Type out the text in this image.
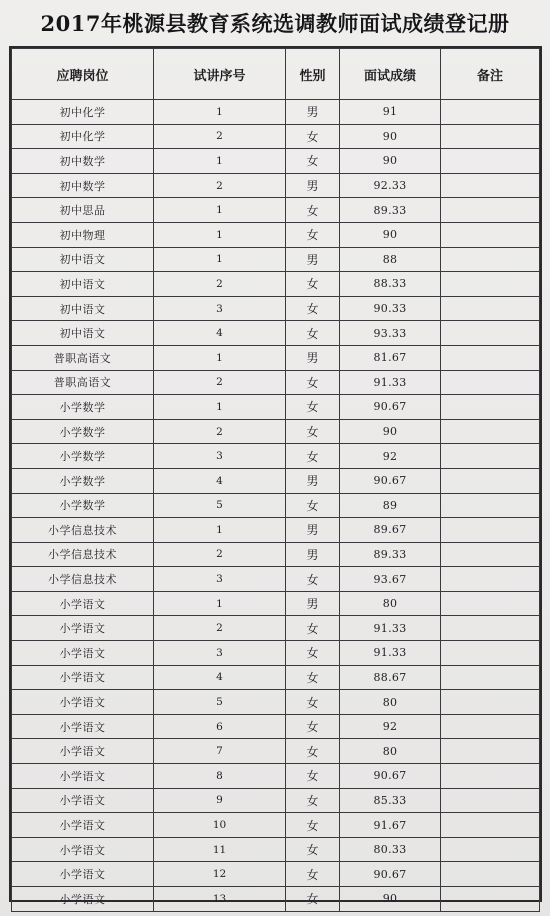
2017年桃源县教育系统选调教师面试成绩登记册
应聘岗位	试讲序号	性别	面试成绩	备注
初中化学	1	男	91	
初中化学	2	女	90	
初中数学	1	女	90	
初中数学	2	男	92.33	
初中思品	1	女	89.33	
初中物理	1	女	90	
初中语文	1	男	88	
初中语文	2	女	88.33	
初中语文	3	女	90.33	
初中语文	4	女	93.33	
普职高语文	1	男	81.67	
普职高语文	2	女	91.33	
小学数学	1	女	90.67	
小学数学	2	女	90	
小学数学	3	女	92	
小学数学	4	男	90.67	
小学数学	5	女	89	
小学信息技术	1	男	89.67	
小学信息技术	2	男	89.33	
小学信息技术	3	女	93.67	
小学语文	1	男	80	
小学语文	2	女	91.33	
小学语文	3	女	91.33	
小学语文	4	女	88.67	
小学语文	5	女	80	
小学语文	6	女	92	
小学语文	7	女	80	
小学语文	8	女	90.67	
小学语文	9	女	85.33	
小学语文	10	女	91.67	
小学语文	11	女	80.33	
小学语文	12	女	90.67	
小学语文	13	女	90	
